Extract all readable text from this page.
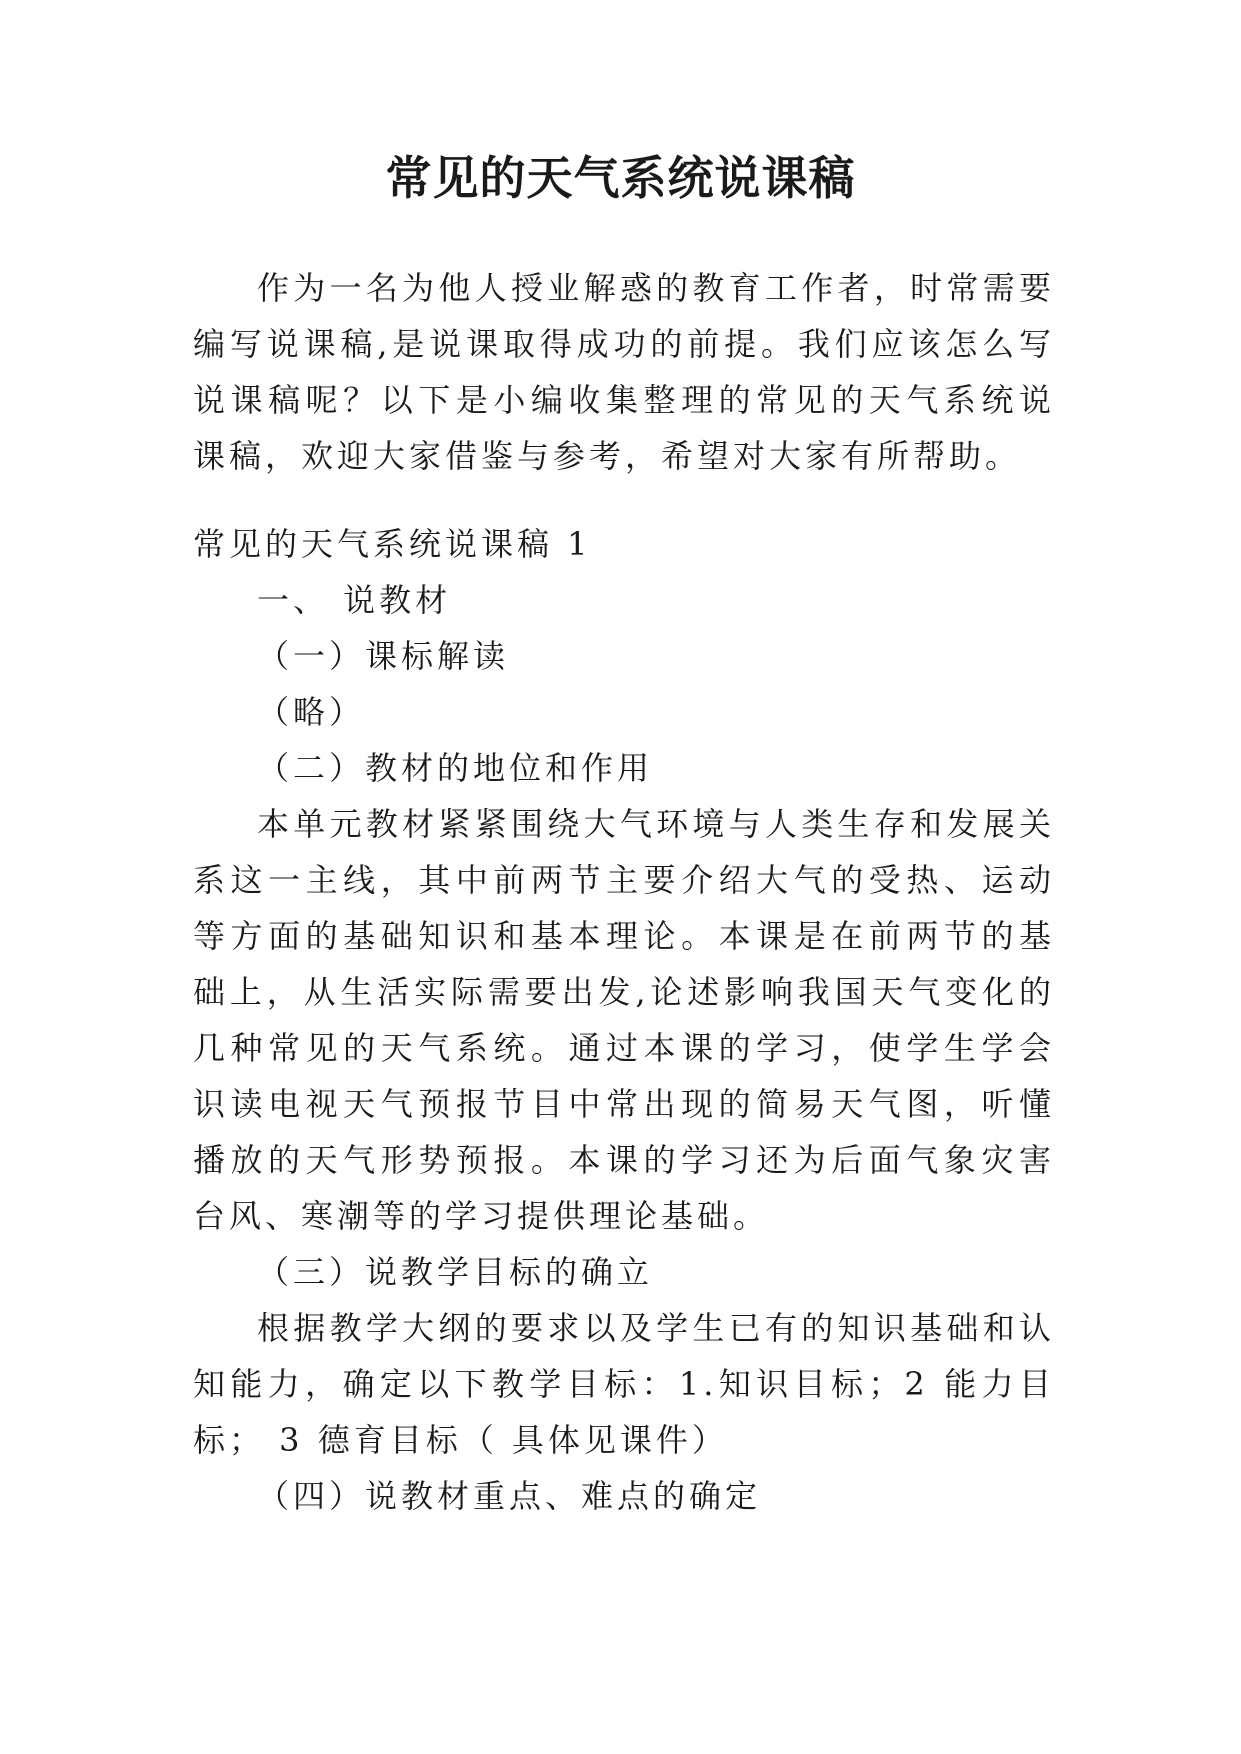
常见的天气系统说课稿

作为一名为他人授业解惑的教育工作者，时常需要编写说课稿,是说课取得成功的前提。我们应该怎么写说课稿呢？以下是小编收集整理的常见的天气系统说课稿，欢迎大家借鉴与参考，希望对大家有所帮助。

常见的天气系统说课稿 1

一、 说教材

（一）课标解读

（略）

（二）教材的地位和作用

本单元教材紧紧围绕大气环境与人类生存和发展关系这一主线，其中前两节主要介绍大气的受热、运动等方面的基础知识和基本理论。本课是在前两节的基础上，从生活实际需要出发,论述影响我国天气变化的几种常见的天气系统。通过本课的学习，使学生学会识读电视天气预报节目中常出现的简易天气图，听懂播放的天气形势预报。本课的学习还为后面气象灾害台风、寒潮等的学习提供理论基础。

（三）说教学目标的确立

根据教学大纲的要求以及学生已有的知识基础和认知能力，确定以下教学目标：1.知识目标；2 能力目标； 3 德育目标（ 具体见课件）

（四）说教材重点、难点的确定
